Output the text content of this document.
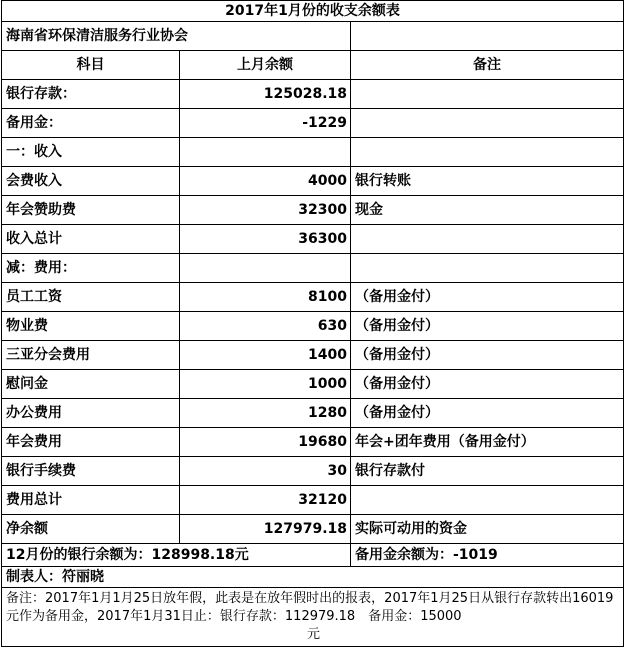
2017年1月份的收支余额表		
海南省环保清洁服务行业协会		
科目	上月余额	备注
银行存款：	125028.18	
备用金：	-1229	
一：收入		
会费收入	4000	银行转账
年会赞助费	32300	现金
收入总计	36300	
减：费用：		
员工工资	8100	（备用金付）
物业费	630	（备用金付）
三亚分会费用	1400	（备用金付）
慰问金	1000	（备用金付）
办公费用	1280	（备用金付）
年会费用	19680	年会+团年费用（备用金付）
银行手续费	30	银行存款付
费用总计	32120	
净余额	127979.18	实际可动用的资金
12月份的银行余额为：128998.18元		备用金余额为：-1019
制表人：符丽晓		
备注：2017年1月1月25日放年假，此表是在放年假时出的报表，2017年1月25日从银行存款转出16019元作为备用金，2017年1月31日止：银行存款：112979.18　备用金：15000
元		
